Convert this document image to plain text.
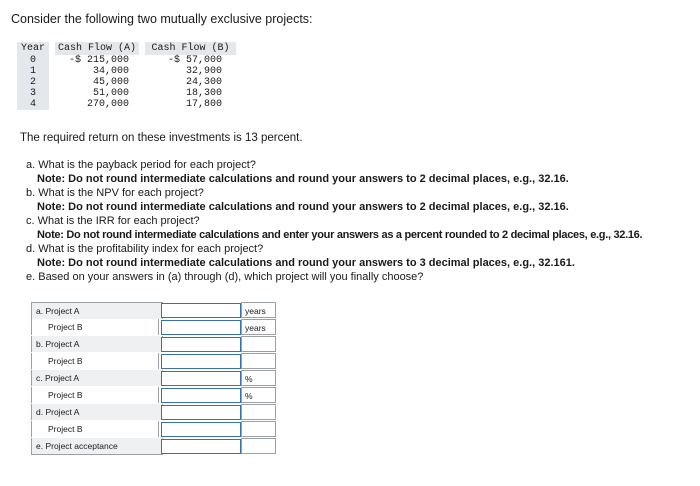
Consider the following two mutually exclusive projects:
Year		Cash Flow (A)		Cash Flow (B)
0		-$ 215,000		-$ 57,000
1		34,000		32,900
2		45,000		24,300
3		51,000		18,300
4		270,000		17,800
The required return on these investments is 13 percent.
a. What is the payback period for each project?
Note: Do not round intermediate calculations and round your answers to 2 decimal places, e.g., 32.16.
b. What is the NPV for each project?
Note: Do not round intermediate calculations and round your answers to 2 decimal places, e.g., 32.16.
c. What is the IRR for each project?
Note: Do not round intermediate calculations and enter your answers as a percent rounded to 2 decimal places, e.g., 32.16.
d. What is the profitability index for each project?
Note: Do not round intermediate calculations and round your answers to 3 decimal places, e.g., 32.161.
e. Based on your answers in (a) through (d), which project will you finally choose?
a. Project A	years
Project B	years
b. Project A
Project B
c. Project A	%
Project B	%
d. Project A
Project B
e. Project acceptance
